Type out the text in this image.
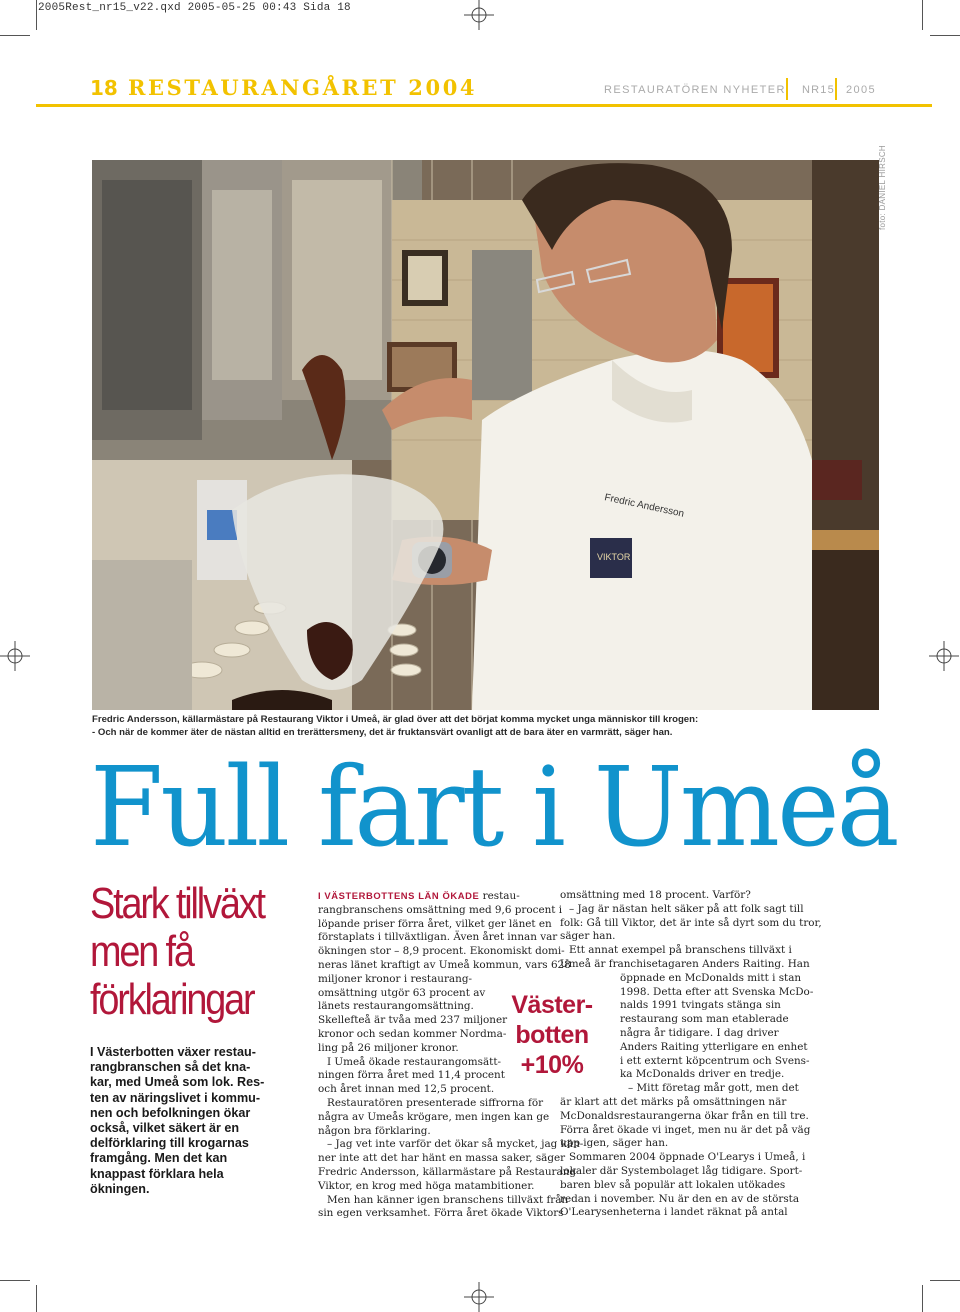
2005Rest_nr15_v22.qxd 2005-05-25 00:43 Sida 18
18 RESTAURANGÅRET 2004	RESTAURATÖREN NYHETER NR15 2005
VIKTOR
Fredric Andersson
foto: DANIEL HIRSCH

Fredric Andersson, källarmästare på Restaurang Viktor i Umeå, är glad över att det börjat komma mycket unga människor till krogen:

- Och när de kommer äter de nästan alltid en trerättersmeny, det är fruktansvärt ovanligt att de bara äter en varmrätt, säger han.

Full fart i Umeå
Stark tillväxt
men få
förklaringar
I Västerbotten växer restau-
rangbranschen så det kna-
kar, med Umeå som lok. Res-
ten av näringslivet i kommu-
nen och befolkningen ökar
också, vilket säkert är en
delförklaring till krogarnas
framgång. Men det kan
knappast förklara hela
ökningen.
I VÄSTERBOTTENS LÄN ÖKADE restau-
rangbranschens omsättning med 9,6 procent i
löpande priser förra året, vilket ger länet en
förstaplats i tillväxtligan. Även året innan var
ökningen stor – 8,9 procent. Ekonomiskt domi-
neras länet kraftigt av Umeå kommun, vars 628
miljoner kronor i restaurang-
omsättning utgör 63 procent av
länets restaurangomsättning.
Skellefteå är tvåa med 237 miljoner
kronor och sedan kommer Nordma-
ling på 26 miljoner kronor.
I Umeå ökade restaurangomsätt-
ningen förra året med 11,4 procent
och året innan med 12,5 procent.
Restauratören presenterade siffrorna för
några av Umeås krögare, men ingen kan ge
någon bra förklaring.
– Jag vet inte varför det ökar så mycket, jag kän-
ner inte att det har hänt en massa saker, säger
Fredric Andersson, källarmästare på Restaurang
Viktor, en krog med höga matambitioner.
Men han känner igen branschens tillväxt från
sin egen verksamhet. Förra året ökade Viktors
Väster-
botten
+10%
omsättning med 18 procent. Varför?
– Jag är nästan helt säker på att folk sagt till
folk: Gå till Viktor, det är inte så dyrt som du tror,
säger han.
Ett annat exempel på branschens tillväxt i
Umeå är franchisetagaren Anders Raiting. Han
öppnade en McDonalds mitt i stan
1998. Detta efter att Svenska McDo-
nalds 1991 tvingats stänga sin
restaurang som man etablerade
några år tidigare. I dag driver
Anders Raiting ytterligare en enhet
i ett externt köpcentrum och Svens-
ka McDonalds driver en tredje.
– Mitt företag mår gott, men det
är klart att det märks på omsättningen när
McDonaldsrestaurangerna ökar från en till tre.
Förra året ökade vi inget, men nu är det på väg
upp igen, säger han.
Sommaren 2004 öppnade O'Learys i Umeå, i
lokaler där Systembolaget låg tidigare. Sport-
baren blev så populär att lokalen utökades
redan i november. Nu är den en av de största
O'Learysenheterna i landet räknat på antal
